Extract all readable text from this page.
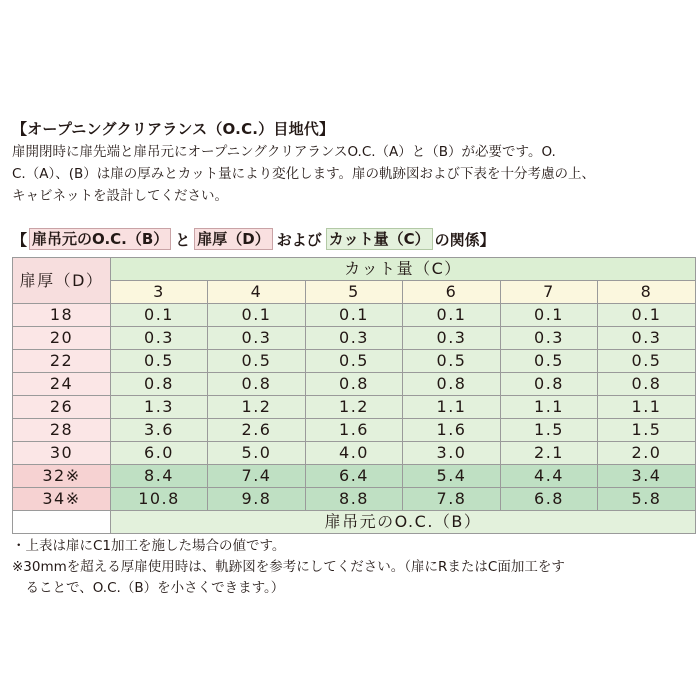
【オープニングクリアランス（O.C.）目地代】
扉開閉時に扉先端と扉吊元にオープニングクリアランスO.C.（A）と（B）が必要です。O.
C.（A）、(B）は扉の厚みとカット量により変化します。扉の軌跡図および下表を十分考慮の上、
キャビネットを設計してください。
【 扉吊元のO.C.（B） と 扉厚（D） および カット量（C） の関係】
扉厚（D）	カット量（C）					
	3	4	5	6	7	8
18	0.1	0.1	0.1	0.1	0.1	0.1
20	0.3	0.3	0.3	0.3	0.3	0.3
22	0.5	0.5	0.5	0.5	0.5	0.5
24	0.8	0.8	0.8	0.8	0.8	0.8
26	1.3	1.2	1.2	1.1	1.1	1.1
28	3.6	2.6	1.6	1.6	1.5	1.5
30	6.0	5.0	4.0	3.0	2.1	2.0
32※	8.4	7.4	6.4	5.4	4.4	3.4
34※	10.8	9.8	8.8	7.8	6.8	5.8
	扉吊元のO.C.（B）					
・上表は扉にC1加工を施した場合の値です。
※30mmを超える厚扉使用時は、軌跡図を参考にしてください。（扉にRまたはC面加工をす
　ることで、O.C.（B）を小さくできます。）
